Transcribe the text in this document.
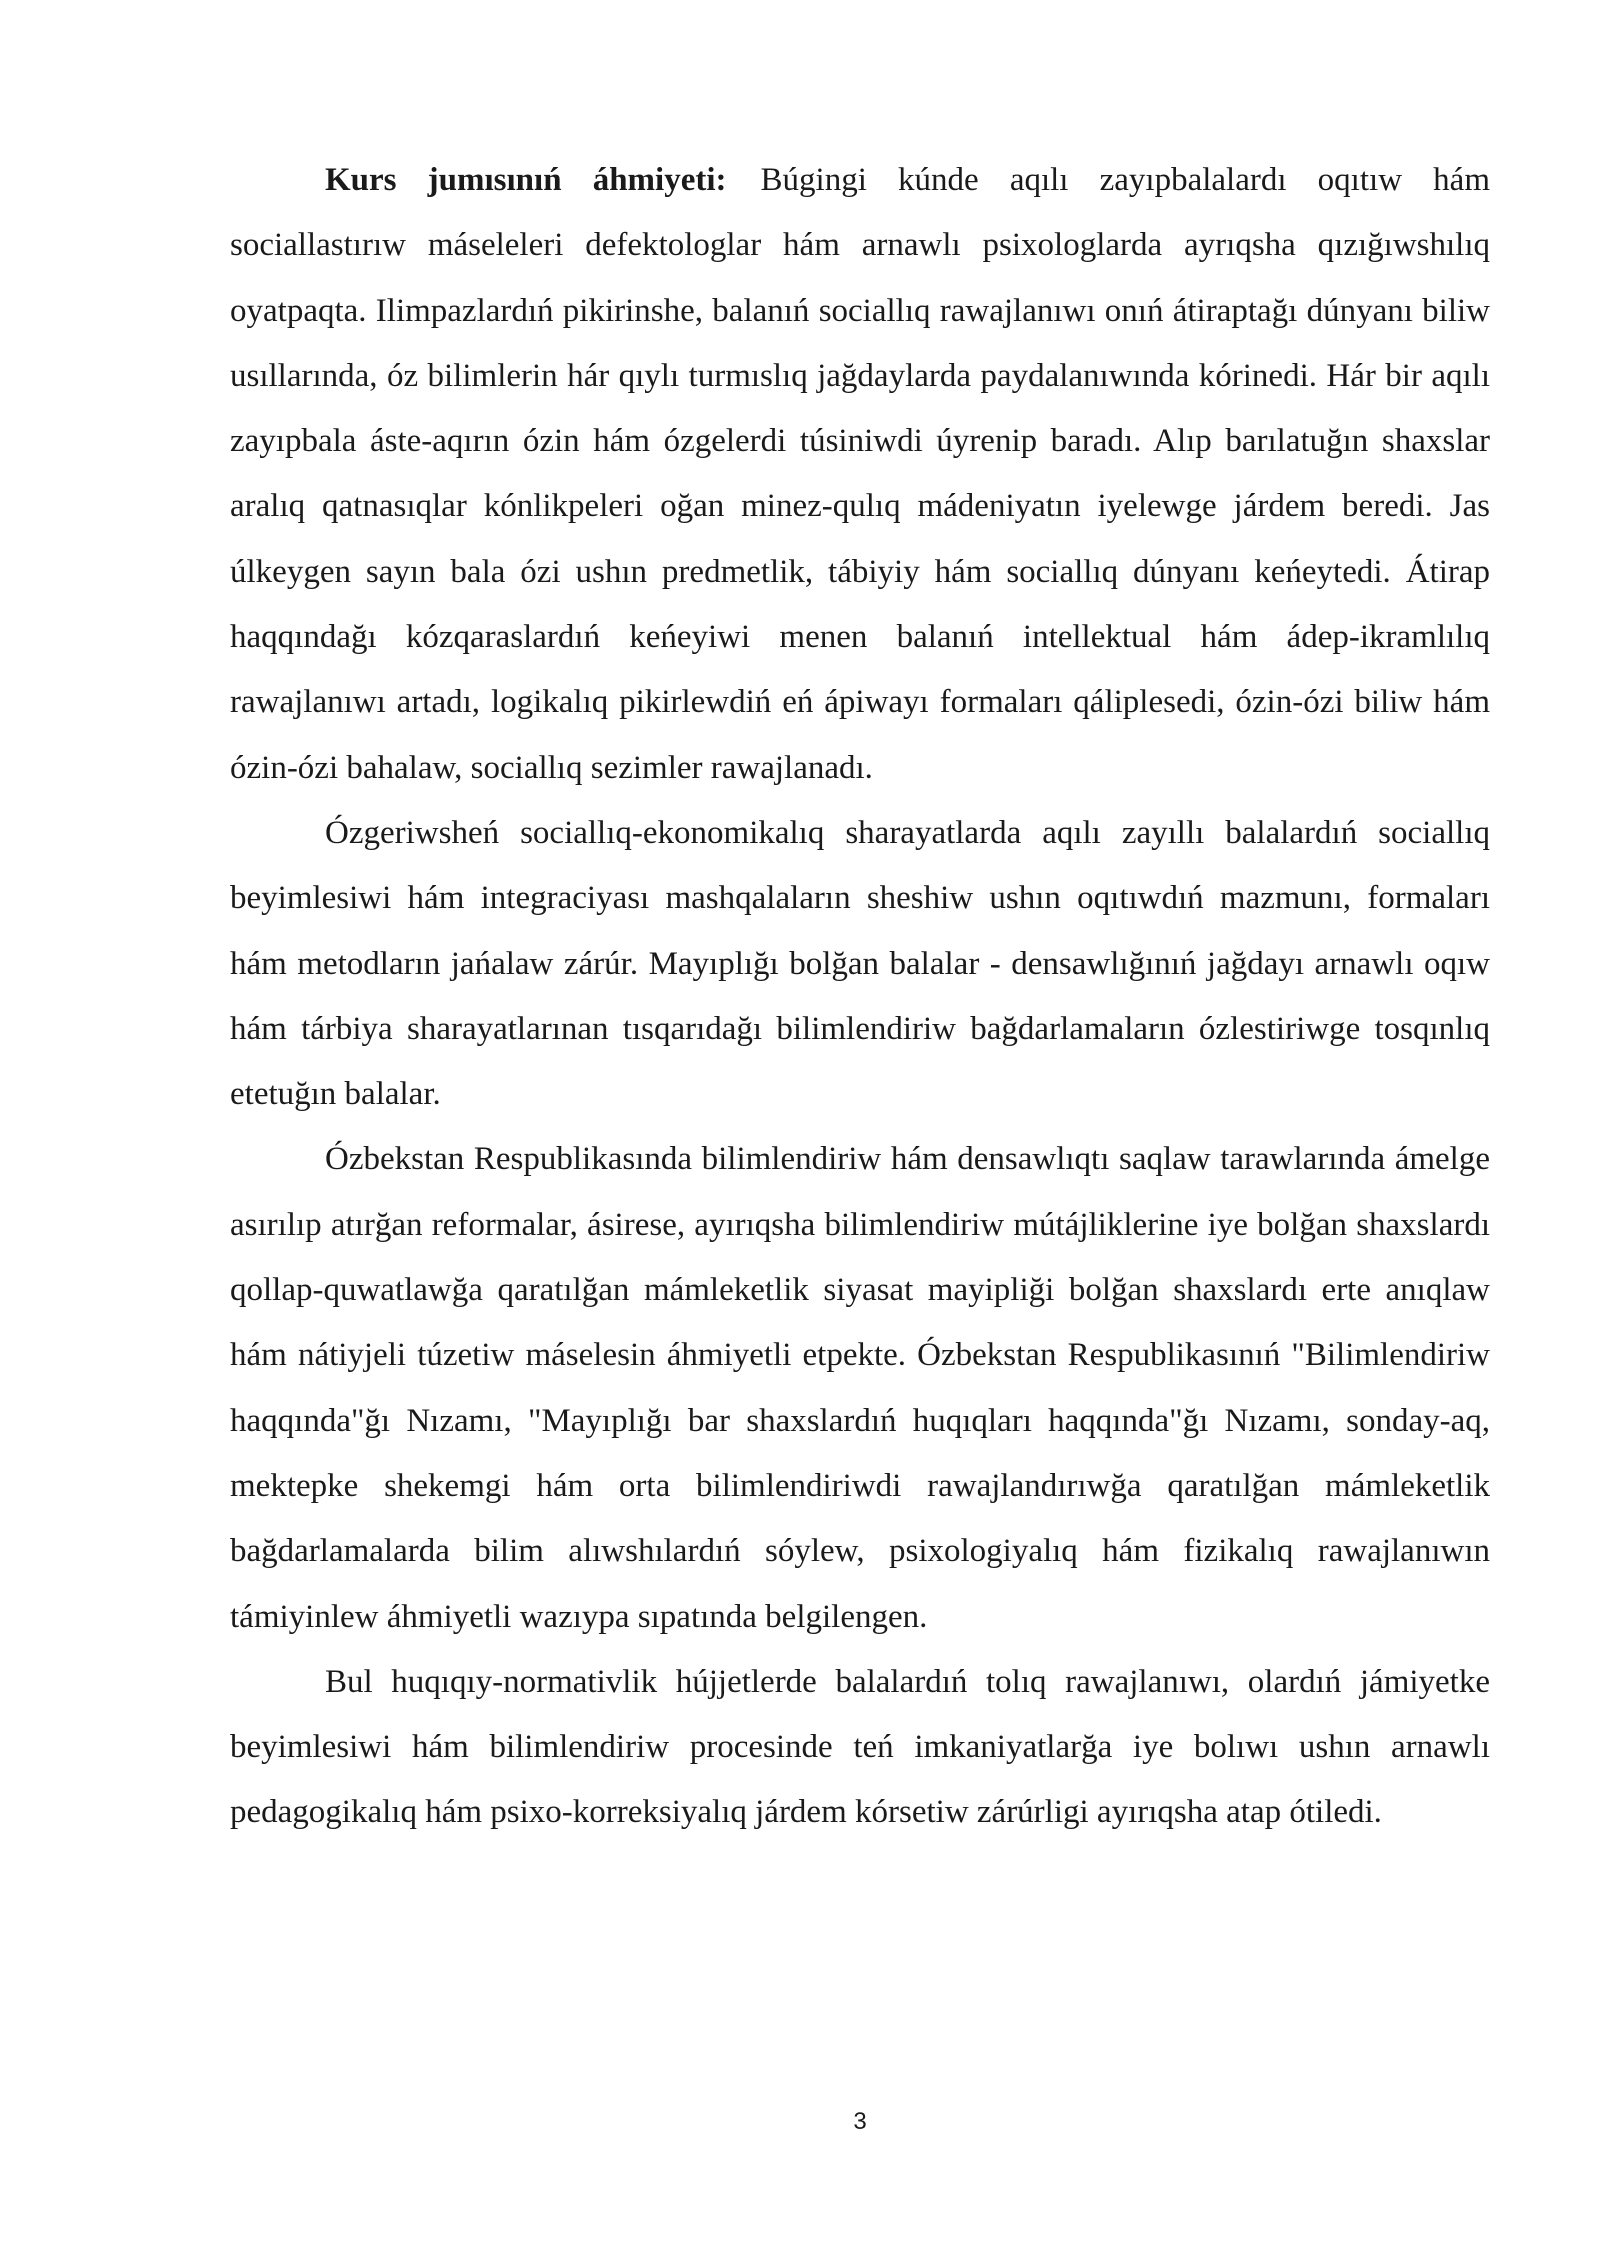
Kurs jumısınıń áhmiyeti: Búgingi kúnde aqılı zayıpbalalardı oqıtıw hám sociallastırıw máseleleri defektologlar hám arnawlı psixologlarda ayrıqsha qızığıwshılıq oyatpaqta. Ilimpazlardıń pikirinshe, balanıń sociallıq rawajlanıwı onıń átiraptağı dúnyanı biliw usıllarında, óz bilimlerin hár qıylı turmıslıq jağdaylarda paydalanıwında kórinedi. Hár bir aqılı zayıpbala áste-aqırın ózin hám ózgelerdi túsiniwdi úyrenip baradı. Alıp barılatuğın shaxslar aralıq qatnasıqlar kónlikpeleri oğan minez-qulıq mádeniyatın iyelewge járdem beredi. Jas úlkeygen sayın bala ózi ushın predmetlik, tábiyiy hám sociallıq dúnyanı keńeytedi. Átirap haqqındağı kózqaraslardıń keńeyiwi menen balanıń intellektual hám ádep-ikramlılıq rawajlanıwı artadı, logikalıq pikirlewdiń eń ápiwayı formaları qáliplesedi, ózin-ózi biliw hám ózin-ózi bahalaw, sociallıq sezimler rawajlanadı.

Ózgeriwsheń sociallıq-ekonomikalıq sharayatlarda aqılı zayıllı balalardıń sociallıq beyimlesiwi hám integraciyası mashqalaların sheshiw ushın oqıtıwdıń mazmunı, formaları hám metodların jańalaw zárúr. Mayıplığı bolğan balalar - densawlığınıń jağdayı arnawlı oqıw hám tárbiya sharayatlarınan tısqarıdağı bilimlendiriw bağdarlamaların ózlestiriwge tosqınlıq etetuğın balalar.

Ózbekstan Respublikasında bilimlendiriw hám densawlıqtı saqlaw tarawlarında ámelge asırılıp atırğan reformalar, ásirese, ayırıqsha bilimlendiriw mútájliklerine iye bolğan shaxslardı qollap-quwatlawğa qaratılğan mámleketlik siyasat mayipliği bolğan shaxslardı erte anıqlaw hám nátiyjeli túzetiw máselesin áhmiyetli etpekte. Ózbekstan Respublikasınıń "Bilimlendiriw haqqında"ğı Nızamı, "Mayıplığı bar shaxslardıń huqıqları haqqında"ğı Nızamı, sonday-aq, mektepke shekemgi hám orta bilimlendiriwdi rawajlandırıwğa qaratılğan mámleketlik bağdarlamalarda bilim alıwshılardıń sóylew, psixologiyalıq hám fizikalıq rawajlanıwın támiyinlew áhmiyetli wazıypa sıpatında belgilengen.

Bul huqıqıy-normativlik hújjetlerde balalardıń tolıq rawajlanıwı, olardıń jámiyetke beyimlesiwi hám bilimlendiriw procesinde teń imkaniyatlarğa iye bolıwı ushın arnawlı pedagogikalıq hám psixo-korreksiyalıq járdem kórsetiw zárúrligi ayırıqsha atap ótiledi.

3
